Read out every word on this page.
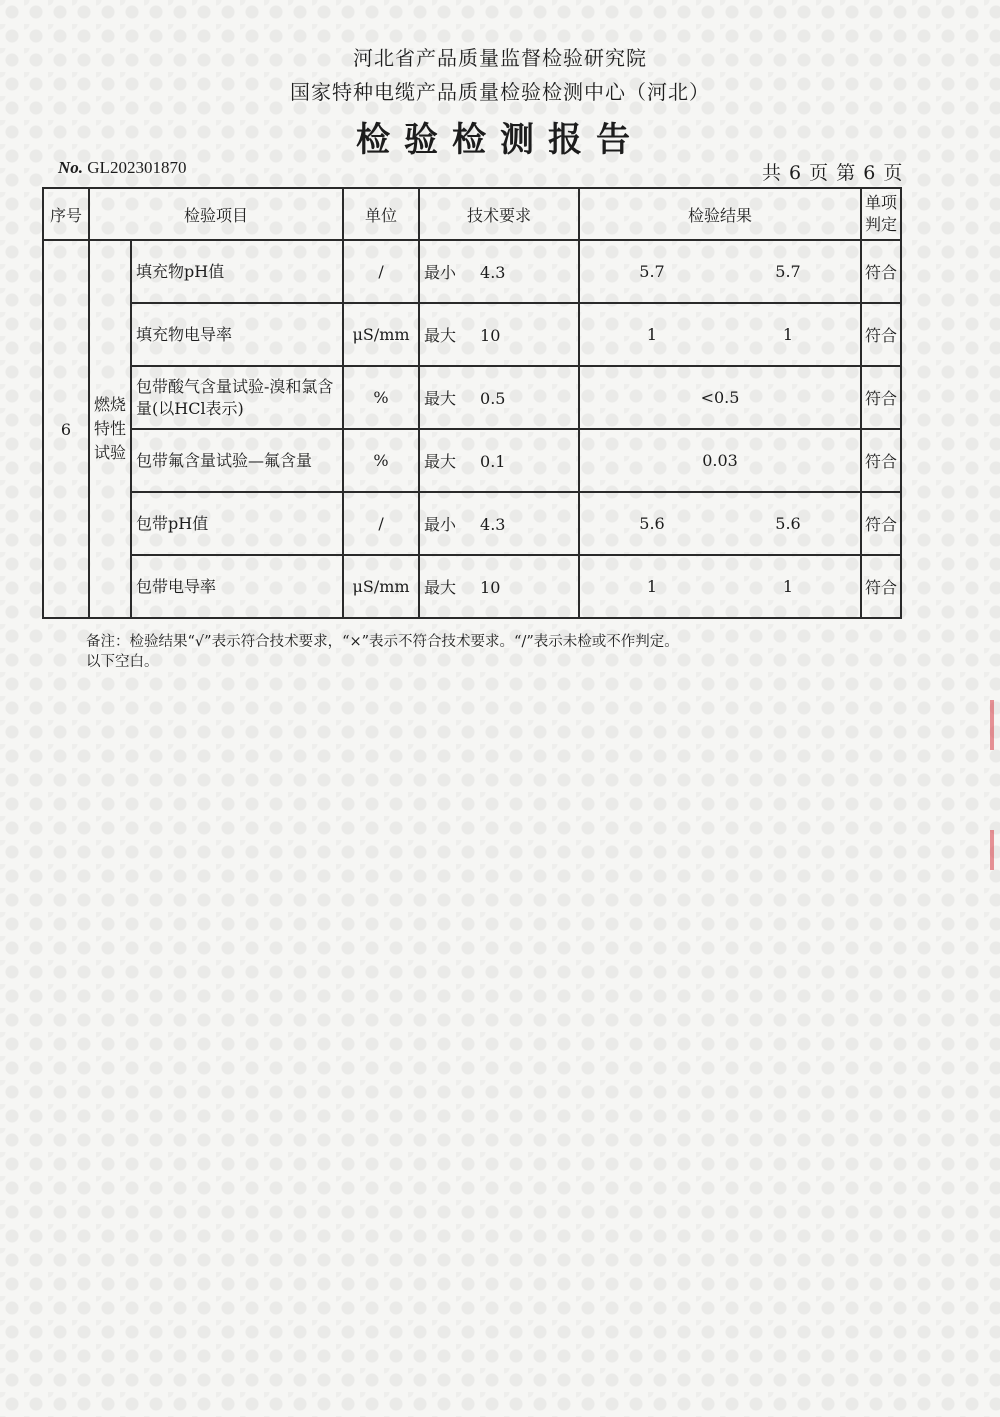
河北省产品质量监督检验研究院
国家特种电缆产品质量检验检测中心（河北）
检验检测报告
No. GL202301870	共 6 页 第 6 页
序号	检验项目		单位	技术要求	检验结果	单项判定
6	燃烧特性试验	填充物pH值	/	最小 4.3	5.7 5.7	符合
		填充物电导率	μS/mm	最大 10	1 1	符合
		包带酸气含量试验-溴和氯含量(以HCl表示)	%	最大 0.5	<0.5	符合
		包带氟含量试验—氟含量	%	最大 0.1	0.03	符合
		包带pH值	/	最小 4.3	5.6 5.6	符合
		包带电导率	μS/mm	最大 10	1 1	符合
备注：检验结果“√”表示符合技术要求，“×”表示不符合技术要求。“/”表示未检或不作判定。
以下空白。
